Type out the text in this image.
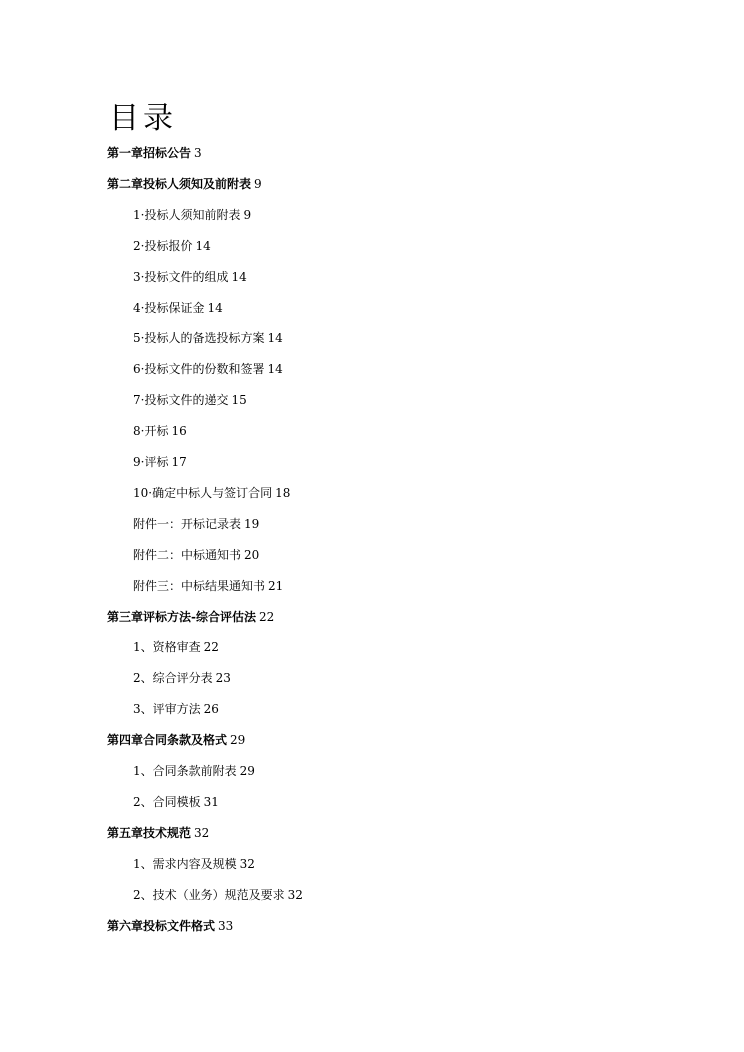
目录
第一章招标公告 3
第二章投标人须知及前附表 9
1·投标人须知前附表 9
2·投标报价 14
3·投标文件的组成 14
4·投标保证金 14
5·投标人的备选投标方案 14
6·投标文件的份数和签署 14
7·投标文件的递交 15
8·开标 16
9·评标 17
10·确定中标人与签订合同 18
附件一：开标记录表 19
附件二：中标通知书 20
附件三：中标结果通知书 21
第三章评标方法-综合评估法 22
1、资格审查 22
2、综合评分表 23
3、评审方法 26
第四章合同条款及格式 29
1、合同条款前附表 29
2、合同模板 31
第五章技术规范 32
1、需求内容及规模 32
2、技术（业务）规范及要求 32
第六章投标文件格式 33
